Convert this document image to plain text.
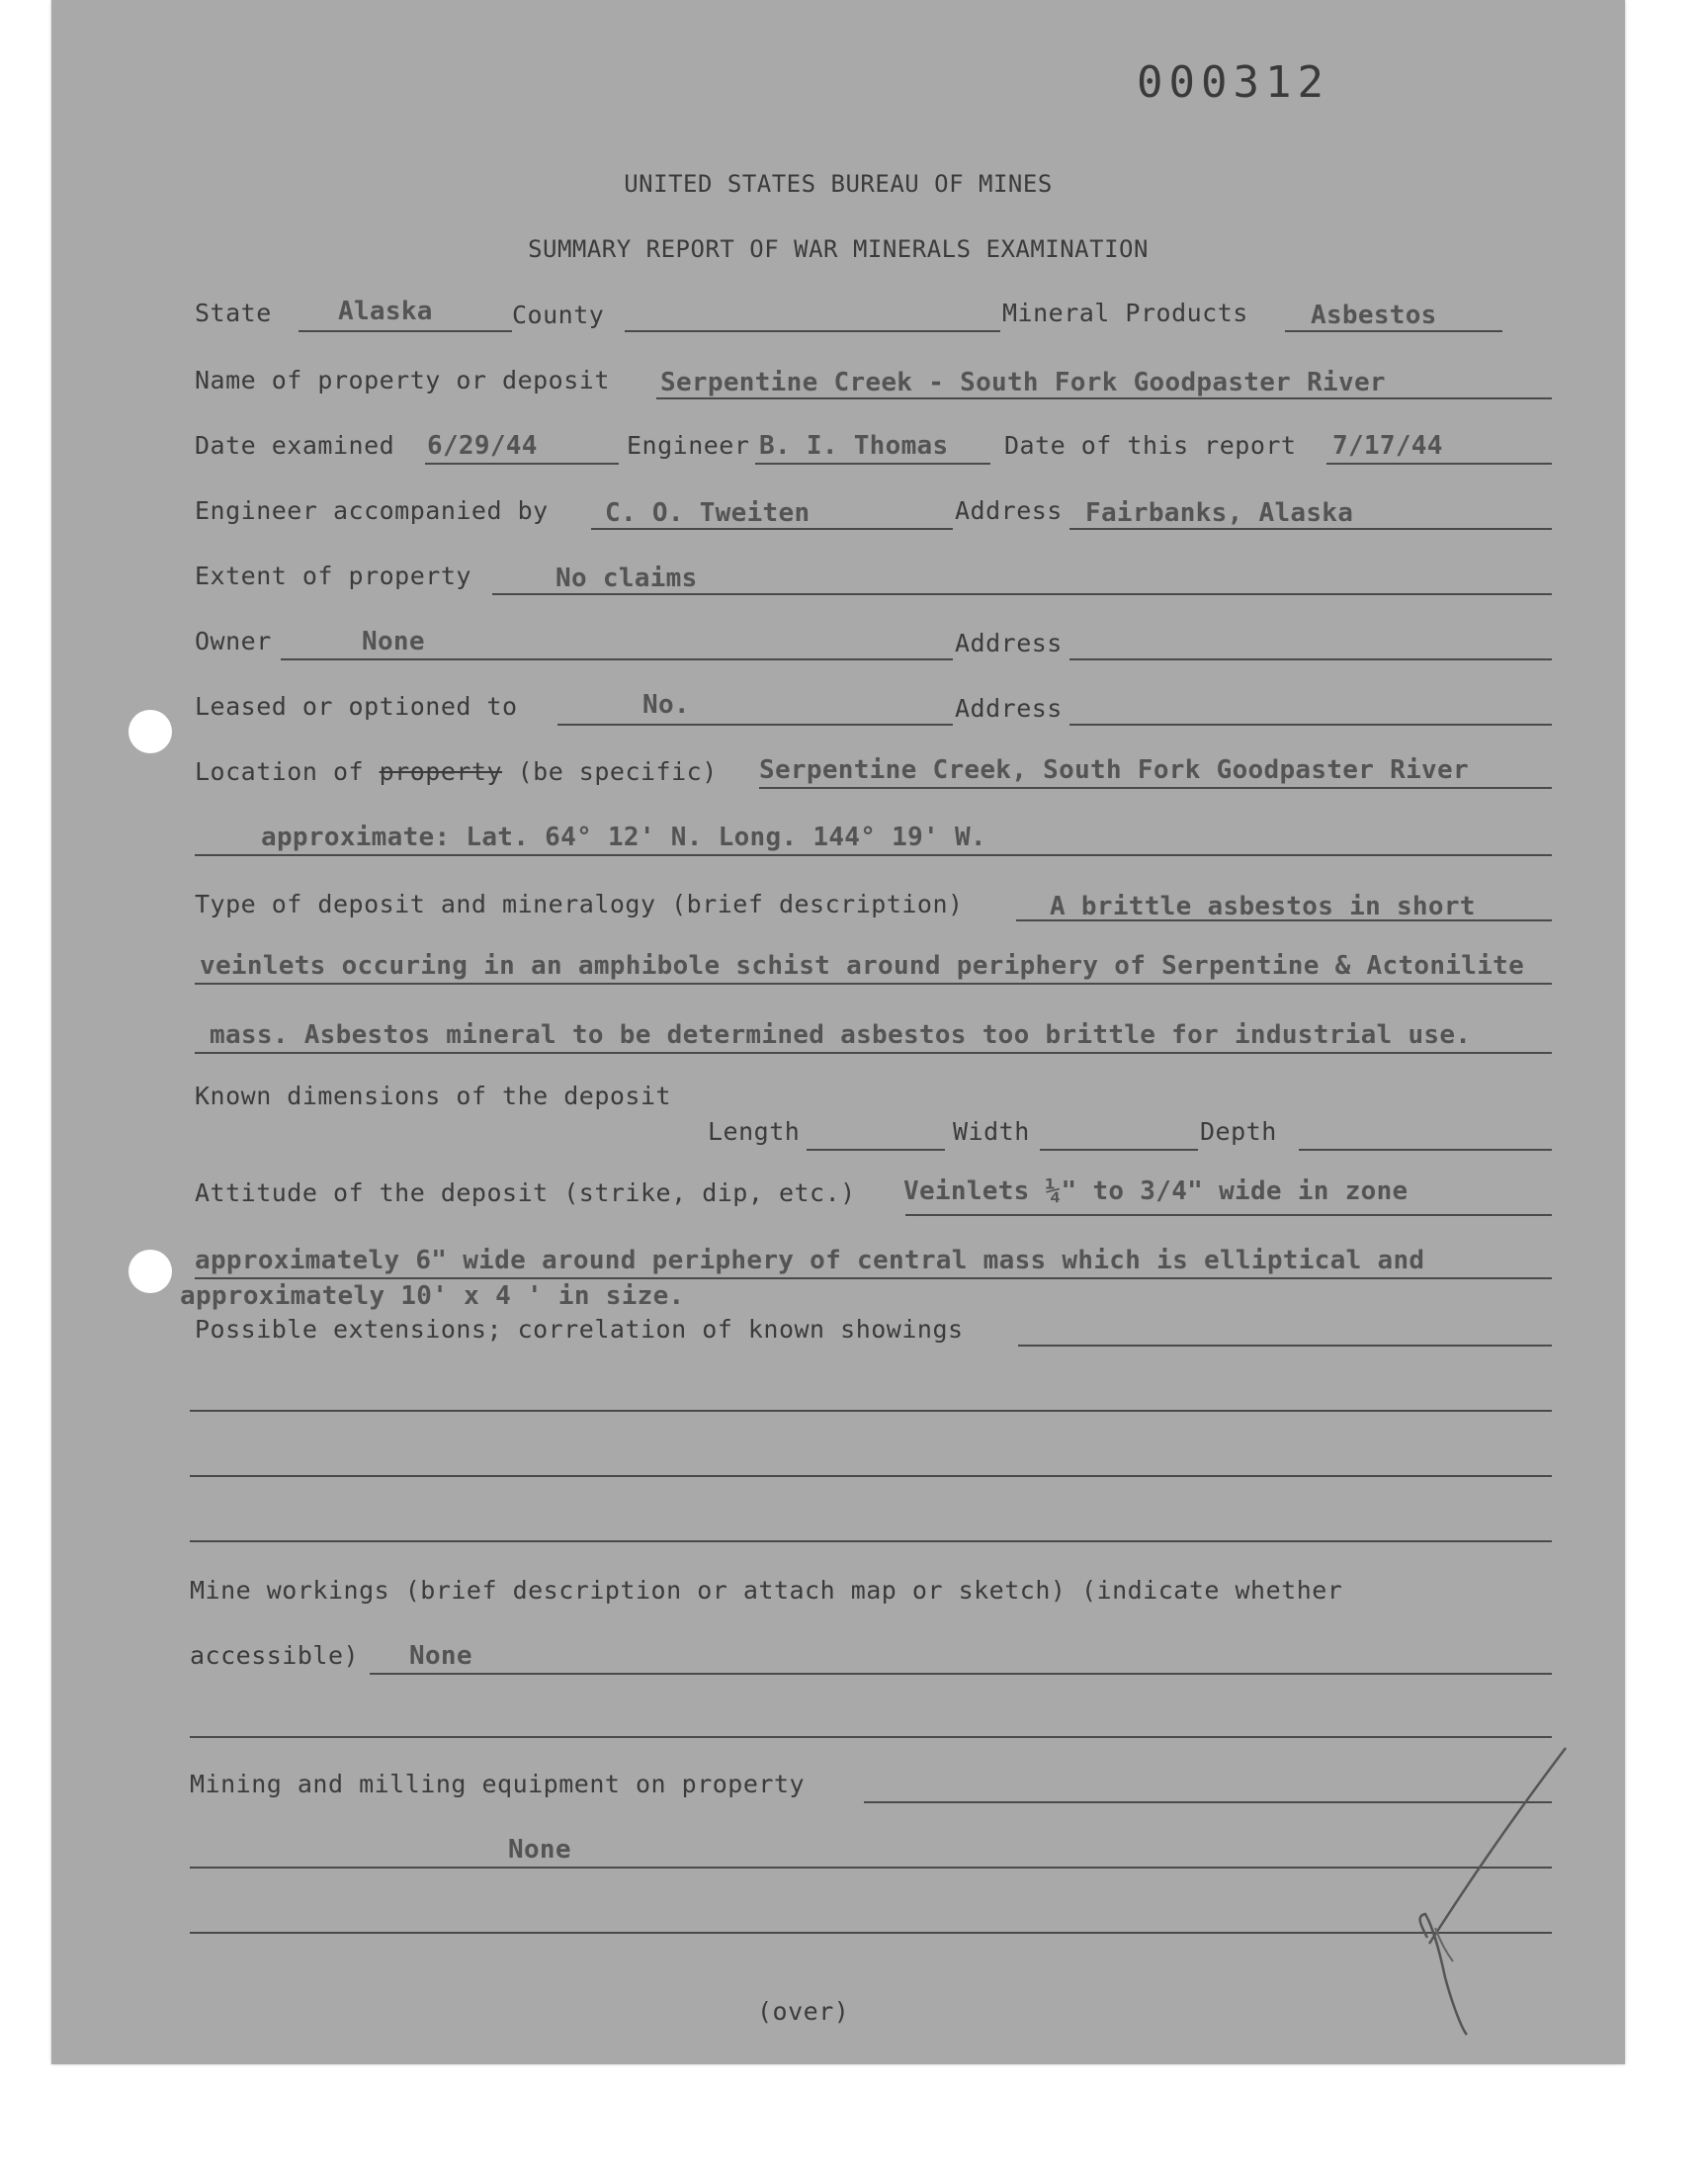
000312
UNITED STATES BUREAU OF MINES
SUMMARY REPORT OF WAR MINERALS EXAMINATION
State	Alaska	County	Mineral Products Asbestos
Name of property or deposit Serpentine Creek - South Fork Goodpaster River
Date examined 6/29/44	Engineer B. I. Thomas Date of this report 7/17/44
Engineer accompanied by C. O. Tweiten	Address Fairbanks, Alaska
Extent of property	No claims
Owner	None	Address
Leased or optioned to	No.	Address
Location of property (be specific) Serpentine Creek, South Fork Goodpaster River
approximate: Lat. 64° 12' N. Long. 144° 19' W.
Type of deposit and mineralogy (brief description)	A brittle asbestos in short
veinlets occuring in an amphibole schist around periphery of Serpentine & Actonilite
mass. Asbestos mineral to be determined asbestos too brittle for industrial use.
Known dimensions of the deposit
Length	Width	Depth
Attitude of the deposit (strike, dip, etc.) Veinlets ¼" to 3/4" wide in zone
approximately 6" wide around periphery of central mass which is elliptical and
approximately 10' x 4 ' in size.
Possible extensions; correlation of known showings
Mine workings (brief description or attach map or sketch) (indicate whether
accessible) None
Mining and milling equipment on property
None
(over)
